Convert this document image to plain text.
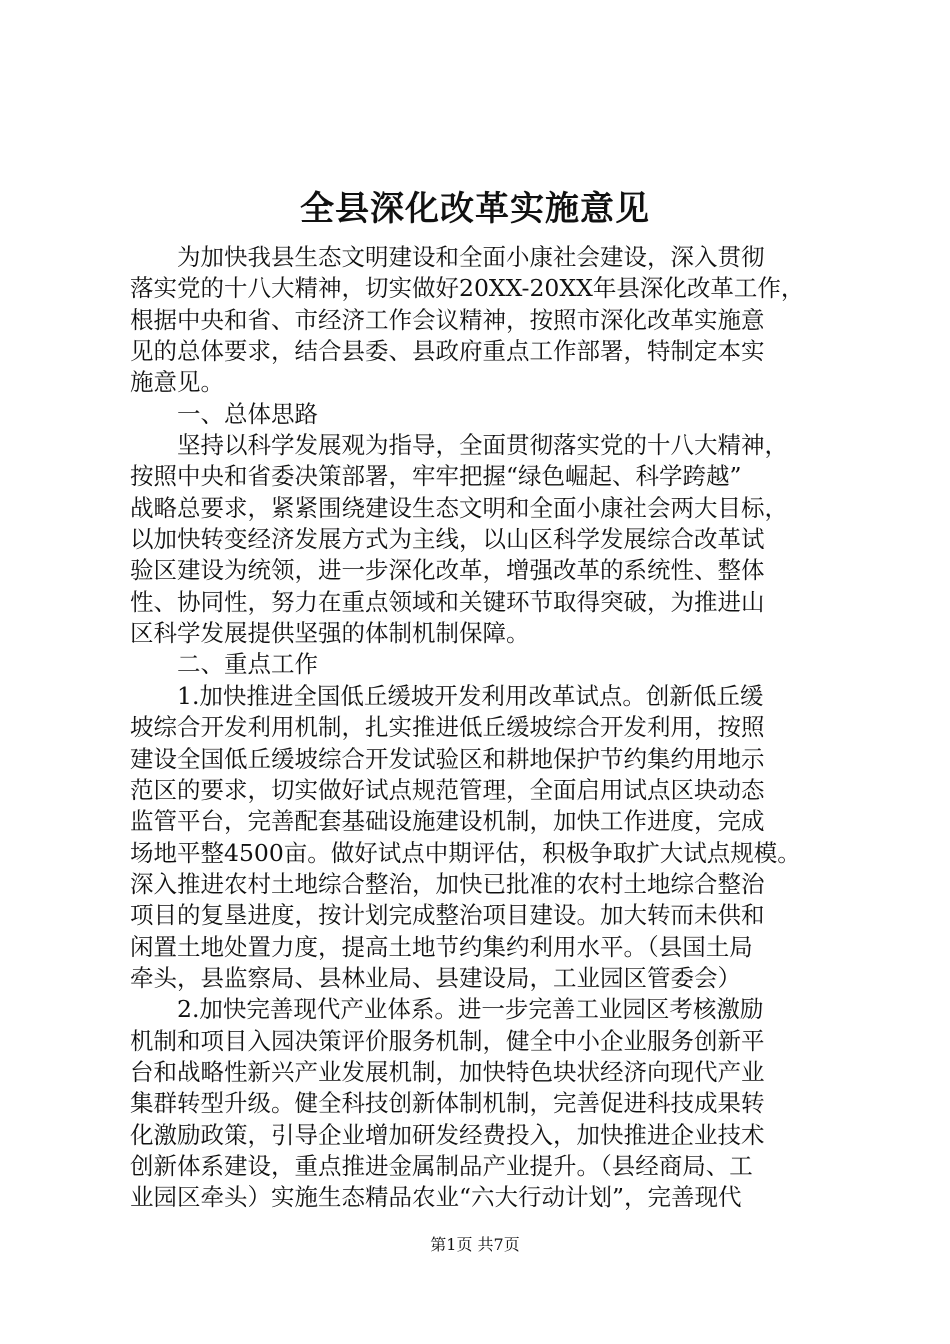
全县深化改革实施意见

为加快我县生态文明建设和全面小康社会建设，深入贯彻
落实党的十八大精神，切实做好20XX-20XX年县深化改革工作，
根据中央和省、市经济工作会议精神，按照市深化改革实施意
见的总体要求，结合县委、县政府重点工作部署，特制定本实
施意见。

一、总体思路

坚持以科学发展观为指导，全面贯彻落实党的十八大精神，
按照中央和省委决策部署，牢牢把握“绿色崛起、科学跨越”
战略总要求，紧紧围绕建设生态文明和全面小康社会两大目标，
以加快转变经济发展方式为主线，以山区科学发展综合改革试
验区建设为统领，进一步深化改革，增强改革的系统性、整体
性、协同性，努力在重点领域和关键环节取得突破，为推进山
区科学发展提供坚强的体制机制保障。

二、重点工作

1.加快推进全国低丘缓坡开发利用改革试点。创新低丘缓
坡综合开发利用机制，扎实推进低丘缓坡综合开发利用，按照
建设全国低丘缓坡综合开发试验区和耕地保护节约集约用地示
范区的要求，切实做好试点规范管理，全面启用试点区块动态
监管平台，完善配套基础设施建设机制，加快工作进度，完成
场地平整4500亩。做好试点中期评估，积极争取扩大试点规模。
深入推进农村土地综合整治，加快已批准的农村土地综合整治
项目的复垦进度，按计划完成整治项目建设。加大转而未供和
闲置土地处置力度，提高土地节约集约利用水平。（县国土局
牵头，县监察局、县林业局、县建设局，工业园区管委会）

2.加快完善现代产业体系。进一步完善工业园区考核激励
机制和项目入园决策评价服务机制，健全中小企业服务创新平
台和战略性新兴产业发展机制，加快特色块状经济向现代产业
集群转型升级。健全科技创新体制机制，完善促进科技成果转
化激励政策，引导企业增加研发经费投入，加快推进企业技术
创新体系建设，重点推进金属制品产业提升。（县经商局、工
业园区牵头）实施生态精品农业“六大行动计划”，完善现代

第1页 共7页
